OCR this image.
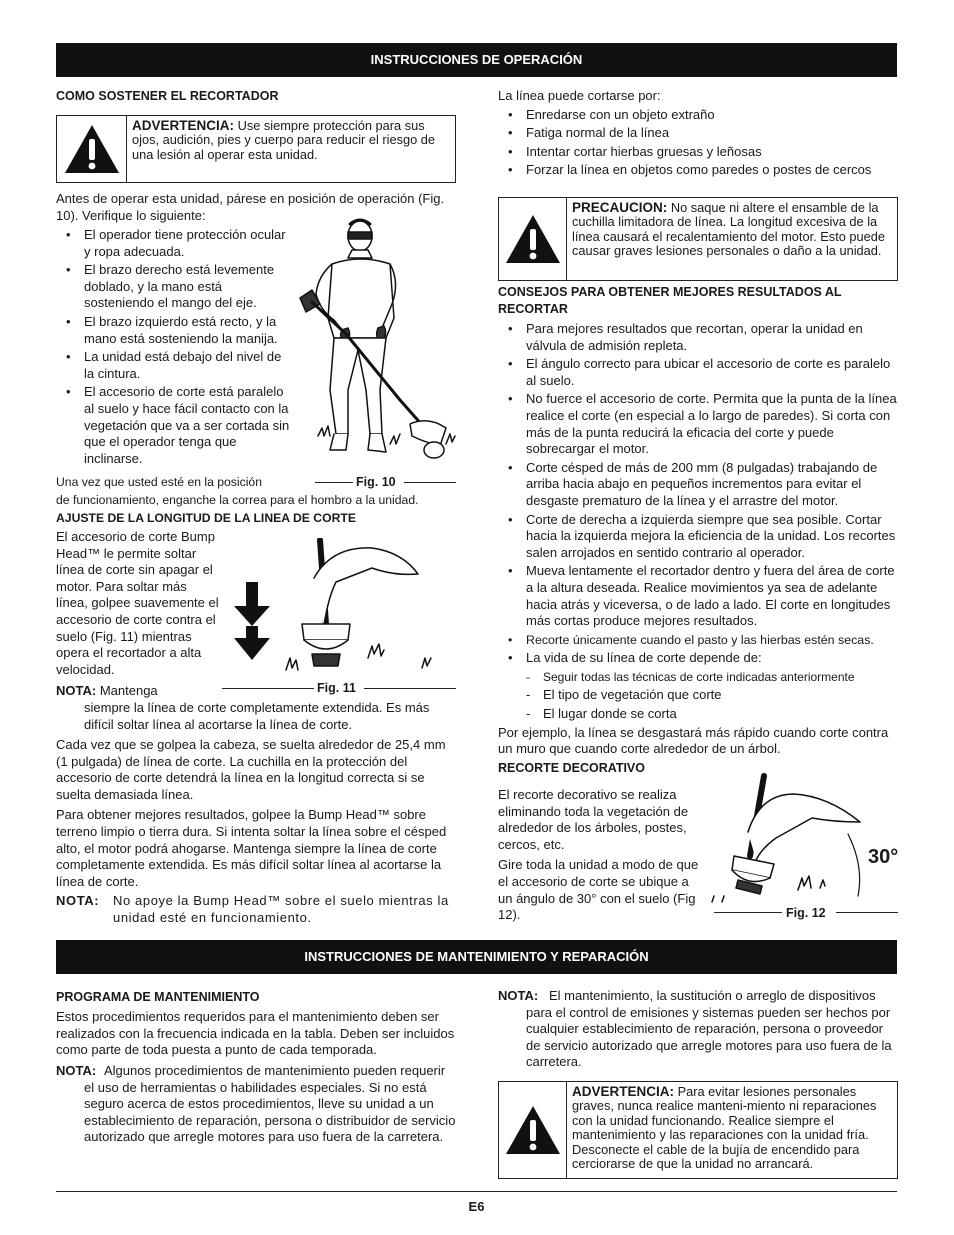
INSTRUCCIONES DE OPERACIÓN
COMO SOSTENER EL RECORTADOR
ADVERTENCIA: Use siempre protección para sus ojos, audición, pies y cuerpo para reducir el riesgo de una lesión al operar esta unidad.

Antes de operar esta unidad, párese en posición de operación (Fig. 10). Verifique lo siguiente:

• El operador tiene protección ocular y ropa adecuada.
• El brazo derecho está levemente doblado, y la mano está sosteniendo el mango del eje.
• El brazo izquierdo está recto, y la mano está sosteniendo la manija.
• La unidad está debajo del nivel de la cintura.
• El accesorio de corte está paralelo al suelo y hace fácil contacto con la vegetación que va a ser cortada sin que el operador tenga que inclinarse.
Fig. 10
Una vez que usted esté en la posición
de funcionamiento, enganche la correa para el hombro a la unidad.
AJUSTE DE LA LONGITUD DE LA LINEA DE CORTE

El accesorio de corte Bump Head™ le permite soltar línea de corte sin apagar el motor. Para soltar más línea, golpee suavemente el accesorio de corte contra el suelo (Fig. 11) mientras opera el recortador a alta velocidad.

Fig. 11
NOTA: Mantenga

siempre la línea de corte completamente extendida. Es más difícil soltar línea al acortarse la línea de corte.

Cada vez que se golpea la cabeza, se suelta alrededor de 25,4 mm (1 pulgada) de línea de corte. La cuchilla en la protección del accesorio de corte detendrá la línea en la longitud correcta si se suelta demasiada línea.

Para obtener mejores resultados, golpee la Bump Head™ sobre terreno limpio o tierra dura. Si intenta soltar la línea sobre el césped alto, el motor podrá ahogarse. Mantenga siempre la línea de corte completamente extendida. Es más difícil soltar línea al acortarse la línea de corte.

NOTA:	No apoye la Bump Head™ sobre el suelo mientras la unidad esté en funcionamiento.

La línea puede cortarse por:

• Enredarse con un objeto extraño
• Fatiga normal de la línea
• Intentar cortar hierbas gruesas y leñosas
• Forzar la línea en objetos como paredes o postes de cercos
PRECAUCION: No saque ni altere el ensamble de la cuchilla limitadora de línea. La longitud excesiva de la línea causará el recalentamiento del motor. Esto puede causar graves lesiones personales o daño a la unidad.
CONSEJOS PARA OBTENER MEJORES RESULTADOS AL RECORTAR
• Para mejores resultados que recortan, operar la unidad en válvula de admisión repleta.
• El ángulo correcto para ubicar el accesorio de corte es paralelo al suelo.
• No fuerce el accesorio de corte. Permita que la punta de la línea realice el corte (en especial a lo largo de paredes). Si corta con más de la punta reducirá la eficacia del corte y puede sobrecargar el motor.
• Corte césped de más de 200 mm (8 pulgadas) trabajando de arriba hacia abajo en pequeños incrementos para evitar el desgaste prematuro de la línea y el arrastre del motor.
• Corte de derecha a izquierda siempre que sea posible. Cortar hacia la izquierda mejora la eficiencia de la unidad. Los recortes salen arrojados en sentido contrario al operador.
• Mueva lentamente el recortador dentro y fuera del área de corte a la altura deseada. Realice movimientos ya sea de adelante hacia atrás y viceversa, o de lado a lado. El corte en longitudes más cortas produce mejores resultados.
• Recorte únicamente cuando el pasto y las hierbas estén secas.
• La vida de su línea de corte depende de:
- Seguir todas las técnicas de corte indicadas anteriormente
- El tipo de vegetación que corte
- El lugar donde se corta

Por ejemplo, la línea se desgastará más rápido cuando corte contra un muro que cuando corte alrededor de un árbol.

RECORTE DECORATIVO

El recorte decorativo se realiza eliminando toda la vegetación de alrededor de los árboles, postes, cercos, etc.

Gire toda la unidad a modo de que el accesorio de corte se ubique a un ángulo de 30° con el suelo (Fig 12).

30°
Fig. 12
INSTRUCCIONES DE MANTENIMIENTO Y REPARACIÓN
PROGRAMA DE MANTENIMIENTO

Estos procedimientos requeridos para el mantenimiento deben ser realizados con la frecuencia indicada en la tabla. Deben ser incluidos como parte de toda puesta a punto de cada temporada.

NOTA: Algunos procedimientos de mantenimiento pueden requerir el uso de herramientas o habilidades especiales. Si no está seguro acerca de estos procedimientos, lleve su unidad a un establecimiento de reparación, persona o distribuidor de servicio autorizado que arregle motores para uso fuera de la carretera.

NOTA: El mantenimiento, la sustitución o arreglo de dispositivos para el control de emisiones y sistemas pueden ser hechos por cualquier establecimiento de reparación, persona o proveedor de servicio autorizado que arregle motores para uso fuera de la carretera.

ADVERTENCIA: Para evitar lesiones personales graves, nunca realice manteni-miento ni reparaciones con la unidad funcionando. Realice siempre el mantenimiento y las reparaciones con la unidad fría. Desconecte el cable de la bujía de encendido para cerciorarse de que la unidad no arrancará.
E6
